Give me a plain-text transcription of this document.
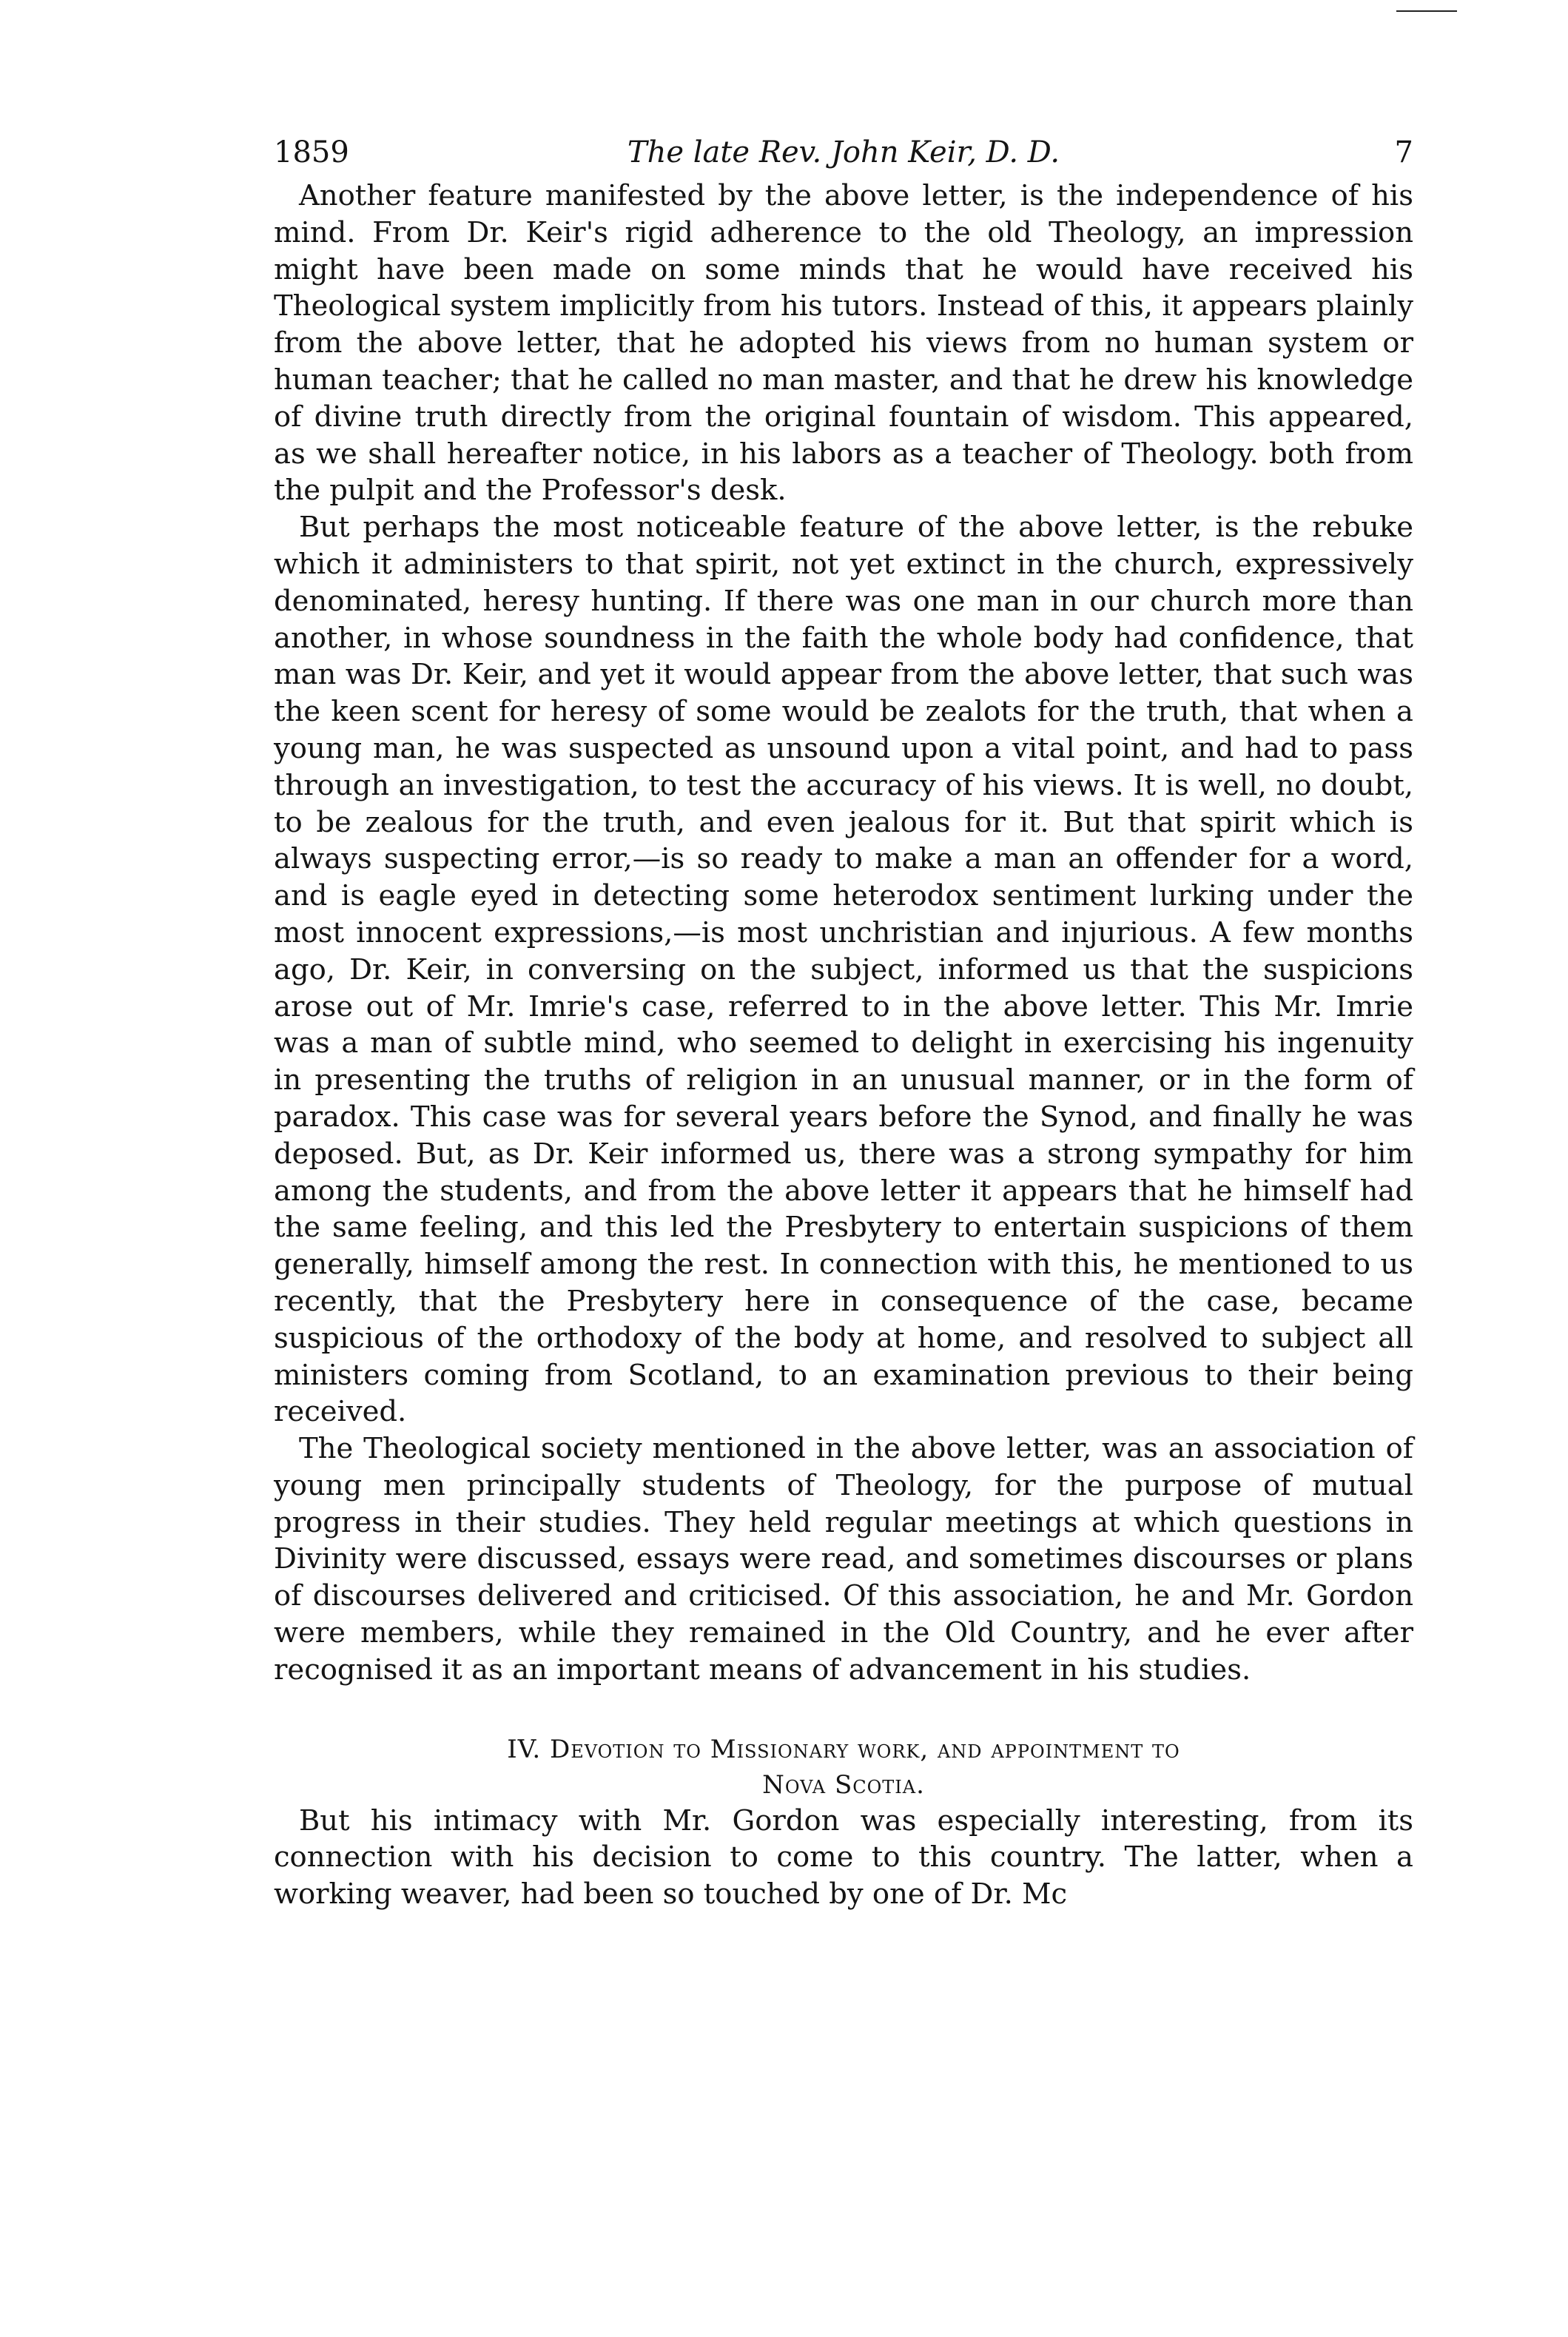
1859	The late Rev. John Keir, D. D.	7

Another feature manifested by the above letter, is the independence of his mind. From Dr. Keir's rigid adherence to the old Theology, an impression might have been made on some minds that he would have received his Theological system implicitly from his tutors. Instead of this, it appears plainly from the above letter, that he adopted his views from no human system or human teacher; that he called no man master, and that he drew his knowledge of divine truth directly from the original fountain of wisdom. This appeared, as we shall hereafter notice, in his labors as a teacher of Theology. both from the pulpit and the Professor's desk.

But perhaps the most noticeable feature of the above letter, is the rebuke which it administers to that spirit, not yet extinct in the church, expressively denominated, heresy hunting. If there was one man in our church more than another, in whose soundness in the faith the whole body had confidence, that man was Dr. Keir, and yet it would appear from the above letter, that such was the keen scent for heresy of some would be zealots for the truth, that when a young man, he was suspected as unsound upon a vital point, and had to pass through an investigation, to test the accuracy of his views. It is well, no doubt, to be zealous for the truth, and even jealous for it. But that spirit which is always suspecting error,—is so ready to make a man an offender for a word, and is eagle eyed in detecting some heterodox sentiment lurking under the most innocent expressions,—is most unchristian and injurious. A few months ago, Dr. Keir, in conversing on the subject, informed us that the suspicions arose out of Mr. Imrie's case, referred to in the above letter. This Mr. Imrie was a man of subtle mind, who seemed to delight in exercising his ingenuity in presenting the truths of religion in an unusual manner, or in the form of paradox. This case was for several years before the Synod, and finally he was deposed. But, as Dr. Keir informed us, there was a strong sympathy for him among the students, and from the above letter it appears that he himself had the same feeling, and this led the Presbytery to entertain suspicions of them generally, himself among the rest. In connection with this, he mentioned to us recently, that the Presbytery here in consequence of the case, became suspicious of the orthodoxy of the body at home, and resolved to subject all ministers coming from Scotland, to an examination previous to their being received.

The Theological society mentioned in the above letter, was an association of young men principally students of Theology, for the purpose of mutual progress in their studies. They held regular meetings at which questions in Divinity were discussed, essays were read, and sometimes discourses or plans of discourses delivered and criticised. Of this association, he and Mr. Gordon were members, while they remained in the Old Country, and he ever after recognised it as an important means of advancement in his studies.

IV. Devotion to Missionary work, and appointment to
Nova Scotia.

But his intimacy with Mr. Gordon was especially interesting, from its connection with his decision to come to this country. The latter, when a working weaver, had been so touched by one of Dr. Mc
